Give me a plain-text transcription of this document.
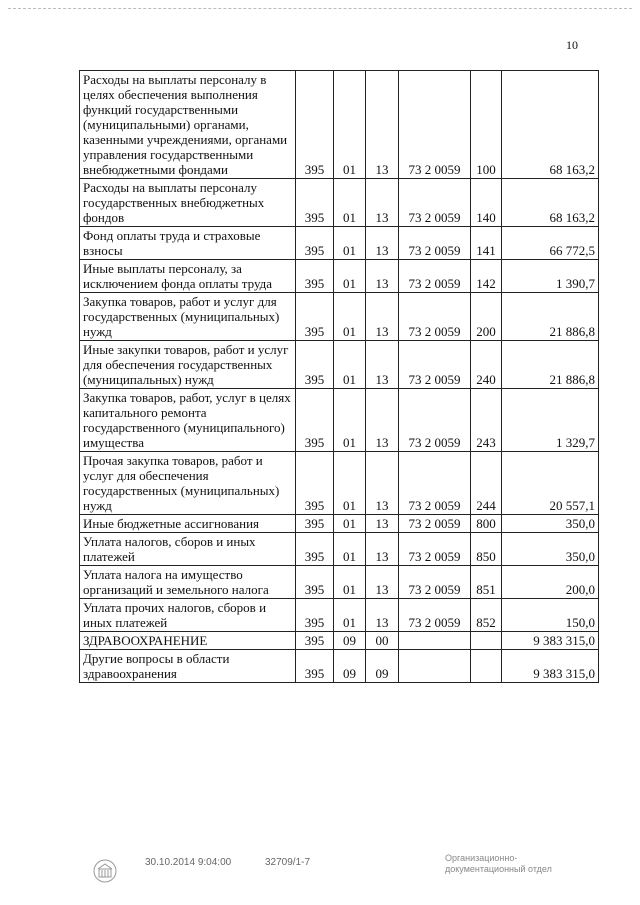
10
Расходы на выплаты персоналу в целях обеспечения выполнения функций государственными (муниципальными) органами, казенными учреждениями, органами управления государственными внебюджетными фондами	395	01	13	73 2 0059	100	68 163,2

Расходы на выплаты персоналу государственных внебюджетных фондов	395	01	13	73 2 0059	140	68 163,2

Фонд оплаты труда и страховые взносы	395	01	13	73 2 0059	141	66 772,5

Иные выплаты персоналу, за исключением фонда оплаты труда	395	01	13	73 2 0059	142	1 390,7

Закупка товаров, работ и услуг для государственных (муниципальных) нужд	395	01	13	73 2 0059	200	21 886,8

Иные закупки товаров, работ и услуг для обеспечения государственных (муниципальных) нужд	395	01	13	73 2 0059	240	21 886,8

Закупка товаров, работ, услуг в целях капитального ремонта государственного (муниципального) имущества	395	01	13	73 2 0059	243	1 329,7

Прочая закупка товаров, работ и услуг для обеспечения государственных (муниципальных) нужд	395	01	13	73 2 0059	244	20 557,1

Иные бюджетные ассигнования	395	01	13	73 2 0059	800	350,0

Уплата налогов, сборов и иных платежей	395	01	13	73 2 0059	850	350,0

Уплата налога на имущество организаций и земельного налога	395	01	13	73 2 0059	851	200,0

Уплата прочих налогов, сборов и иных платежей	395	01	13	73 2 0059	852	150,0

ЗДРАВООХРАНЕНИЕ	395	09	00			9 383 315,0

Другие вопросы в области здравоохранения	395	09	09			9 383 315,0
30.10.2014 9:04:00	32709/1-7	Организационно-
документационный отдел
